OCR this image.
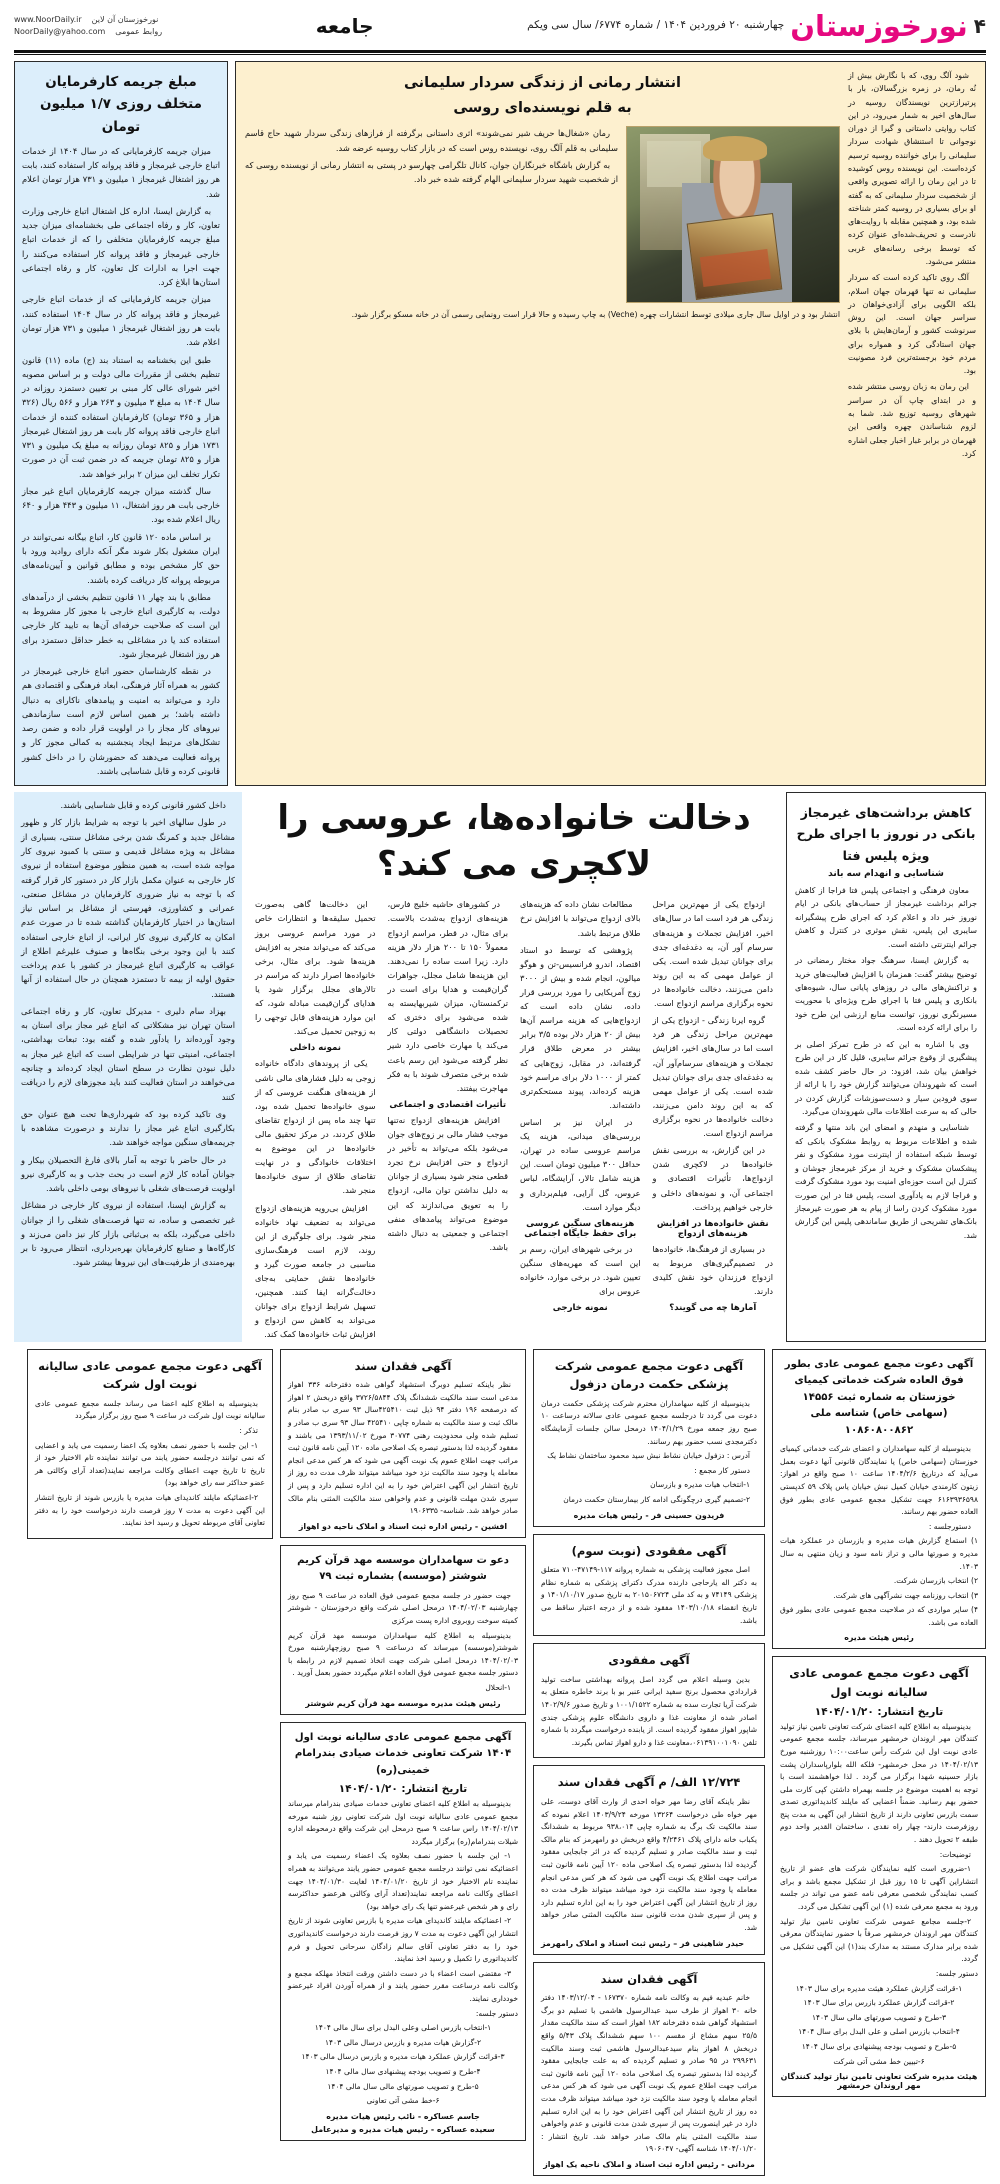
۴
نورخوزستان
چهارشنبه ۲۰ فروردین ۱۴۰۴ / شماره ۶۷۷۴/ سال سی ویکم
جامعه
www.NoorDaily.ir نورخوزستان آن لاین
NoorDaily@yahoo.com روابط عمومی

شود آلگ روی، که با نگارش بیش از نُه رمان، در زمره بزرگسالان، بار با پرتیرازترین نویسندگان روسیه در سال‌های اخیر به شمار می‌رود، در این کتاب روایتی داستانی و گیرا از دوران نوجوانی تا استنشاق شهادت سردار سلیمانی را برای خواننده روسیه ترسیم کرده‌است. این نویسنده روس کوشیده تا در این رمان را ارائه تصویری واقعی از شخصیت سردار سلیمانی که به گفته او برای بسیاری در روسیه کمتر شناخته شده بود، و همچنین مقابله با روایت‌های نادرست و تحریف‌شده‌ای عنوان کرده که توسط برخی رسانه‌های غربی منتشر می‌شود.

آلگ روی تاکید کرده است که سردار سلیمانی نه تنها قهرمان جهان اسلام، بلکه الگویی برای آزادی‌خواهان در سراسر جهان است. این روش سرنوشت کشور و آرمان‌هایش با بلای جهان استادگی کرد و همواره برای مردم خود برجسته‌ترین فرد مصونیت بود.

این رمان به زبان روسی منتشر شده و در ابتدای چاپ آن در سراسر شهرهای روسیه توزیع شد. شما به لزوم شناساندن چهره واقعی این قهرمان در برابر غبار اخبار جعلی اشاره کرد.

انتشار رمانی از زندگی سردار سلیمانی
به قلم نویسنده‌ای روسی

رمان «شغال‌ها حریف شیر نمی‌شوند» اثری داستانی برگرفته از فرازهای زندگی سردار شهید حاج قاسم سلیمانی به قلم آلگ روی، نویسنده روس است که در بازار کتاب روسیه عرضه شد.

به گزارش باشگاه خبرنگاران جوان، کانال تلگرامی چهارسو در پستی به انتشار رمانی از نویسنده روسی که از شخصیت شهید سردار سلیمانی الهام گرفته شده خبر داد.

انتشار بود و در اوایل سال جاری میلادی توسط انتشارات چهره (Veche) به چاپ رسیده و حالا قرار است رونمایی رسمی آن در خانه مسکو برگزار شود.
مبلغ جریمه کارفرمایان متخلف روزی ۱/۷ میلیون تومان

میزان جریمه کارفرمایانی که در سال ۱۴۰۴ از خدمات اتباع خارجی غیرمجاز و فاقد پروانه کار استفاده کنند، بابت هر روز اشتغال غیرمجاز ۱ میلیون و ۷۳۱ هزار تومان اعلام شد.

به گزارش ایسنا، اداره کل اشتغال اتباع خارجی وزارت تعاون، کار و رفاه اجتماعی طی بخشنامه‌ای میزان جدید مبلغ جریمه کارفرمایان متخلفی را که از خدمات اتباع خارجی غیرمجاز و فاقد پروانه کار استفاده می‌کنند را جهت اجرا به ادارات کل تعاون، کار و رفاه اجتماعی استان‌ها ابلاغ کرد.

میزان جریمه کارفرمایانی که از خدمات اتباع خارجی غیرمجاز و فاقد پروانه کار در سال ۱۴۰۴ استفاده کنند، بابت هر روز اشتغال غیرمجاز ۱ میلیون و ۷۳۱ هزار تومان اعلام شد.

طبق این بخشنامه به استناد بند (ج) ماده (۱۱) قانون تنظیم بخشی از مقررات مالی دولت و بر اساس مصوبه اخیر شورای عالی کار مبنی بر تعیین دستمزد روزانه در سال ۱۴۰۴ به مبلغ ۳ میلیون و ۲۶۳ هزار و ۵۶۶ ریال (۳۲۶ هزار و ۳۶۵ تومان) کارفرمایان استفاده کننده از خدمات اتباع خارجی فاقد پروانه کار بابت هر روز اشتغال غیرمجاز ۱۷۳۱ هزار و ۸۲۵ تومان روزانه به مبلغ یک میلیون و ۷۳۱ هزار و ۸۲۵ تومان جریمه که در ضمن ثبت آن در صورت تکرار تخلف این میزان ۲ برابر خواهد شد.

سال گذشته میزان جریمه کارفرمایان اتباع غیر مجاز خارجی بابت هر روز اشتغال، ۱۱ میلیون و ۴۴۳ هزار و ۶۴۰ ریال اعلام شده بود.

بر اساس ماده ۱۲۰ قانون کار، اتباع بیگانه نمی‌توانند در ایران مشغول بکار شوند مگر آنکه دارای روادید ورود با حق کار مشخص بوده و مطابق قوانین و آیین‌نامه‌های مربوطه پروانه کار دریافت کرده باشند.

مطابق با بند چهار ۱۱ قانون تنظیم بخشی از درآمدهای دولت، به کارگیری اتباع خارجی با مجوز کار مشروط به این است که صلاحیت حرفه‌ای آن‌ها به تایید کار خارجی استفاده کند یا در مشاغلی به خطر حداقل دستمزد برای هر روز اشتغال غیرمجاز شود.

در نقطه کارشناسان حضور اتباع خارجی غیرمجاز در کشور به همراه آثار فرهنگی، ابعاد فرهنگی و اقتصادی هم دارد و می‌تواند به امنیت و پیامدهای ناکارای به دنبال داشته باشد؛ بر همین اساس لازم است سازماندهی نیروهای کار مجاز را در اولویت قرار داده و ضمن رصد تشکل‌های مرتبط ایجاد پنجشنبه به کمالی مجوز کار و پروانه فعالیت می‌دهند که حضورشان را در داخل کشور قانونی کرده و قابل شناسایی باشند.

کاهش برداشت‌های غیرمجاز بانکی در نوروز با اجرای طرح ویژه پلیس فتا
شناسایی و انهدام سه باند

معاون فرهنگی و اجتماعی پلیس فتا فراجا از کاهش جرائم برداشت غیرمجاز از حساب‌های بانکی در ایام نوروز خبر داد و اعلام کرد که اجرای طرح پیشگیرانه سایبری این پلیس، نقش موثری در کنترل و کاهش جرائم اینترنتی داشته است.

به گزارش ایسنا، سرهنگ جواد مختار رمضانی در توضیح بیشتر گفت: همزمان با افزایش فعالیت‌های خرید و تراکنش‌های مالی در روزهای پایانی سال، شیوه‌های بانکاری و پلیس فتا با اجرای طرح ویژه‌ای با محوریت مسیرنگری نوروز، توانست منابع ارزشی این طرح خود را برای ارائه کرده است.

وی با اشاره به این که در طرح تمرکز اصلی بر پیشگیری از وقوع جرائم سایبری، قلیل کار در این طرح خواهش بیان شد، افزود: در حال حاضر کشف شده است که شهروندان می‌توانند گزارش خود را با ارائه از سوی فرودین سیار و دست‌سوزشات گزارش کردن در حالی که به سرعت اطلاعات مالی شهروندان می‌گیرد.

شناسایی و منهدم و امضای این باند منتها و گرفته شده و اطلاعات مربوط به روابط مشکوک بانکی که توسط شبکه استفاده از اینترنت مورد مشکوک و نفر پیشکسان مشکوک و خرید از مرکز غیرمجاز جوشان و کنترل این است حوزه‌ای امنیت بود مورد مشکوک گرفت و فراجا لازم به یادآوری است، پلیس فتا در این صورت مورد مشکوک کردن راسا از پیام به هر صورت غیرمجاز بانک‌های تشریحی از طریق ساماندهی پلیس این گزارش شد.

دخالت خانواده‌ها، عروسی را لاکچری می کند؟

ازدواج یکی از مهم‌ترین مراحل زندگی هر فرد است اما در سال‌های اخیر، افزایش تجملات و هزینه‌های سرسام آور آن، به دغدغه‌ای جدی برای جوانان تبدیل شده است. یکی از عوامل مهمی که به این روند دامن می‌زنند، دخالت خانواده‌ها در نحوه برگزاری مراسم ازدواج است.

گروه ایرنا زندگی - ازدواج یکی از مهم‌ترین مراحل زندگی هر فرد است اما در سال‌های اخیر، افزایش تجملات و هزینه‌های سرسام‌آور آن، به دغدغه‌ای جدی برای جوانان تبدیل شده است. یکی از عوامل مهمی که به این روند دامن می‌زنند، دخالت خانواده‌ها در نحوه برگزاری مراسم ازدواج است.

در این گزارش، به بررسی نقش خانواده‌ها در لاکچری شدن ازدواج‌ها، تأثیرات اقتصادی و اجتماعی آن، و نمونه‌های داخلی و خارجی خواهیم پرداخت.

نقش خانواده‌ها در افزایش هزینه‌های ازدواج

در بسیاری از فرهنگ‌ها، خانواده‌ها در تصمیم‌گیری‌های مربوط به ازدواج فرزندان خود نقش کلیدی دارند.

آمارها چه می گویند؟

مطالعات نشان داده که هزینه‌های بالای ازدواج می‌تواند با افزایش نرخ طلاق مرتبط باشد.

پژوهشی که توسط دو استاد اقتصاد، اندرو فرانسیس-تن و هوگو میالون، انجام شده و بیش از ۳۰۰۰ زوج آمریکایی را مورد بررسی قرار داده، نشان داده است که ازدواج‌هایی که هزینه مراسم آن‌ها بیش از ۲۰ هزار دلار بوده ۳/۵ برابر بیشتر در معرض طلاق قرار گرفته‌اند، در مقابل، زوج‌هایی که کمتر از ۱۰۰۰ دلار برای مراسم خود هزینه کرده‌اند، پیوند مستحکم‌تری داشته‌اند.

در ایران نیز بر اساس بررسی‌های میدانی، هزینه یک مراسم عروسی ساده در تهران، حداقل ۳۰۰ میلیون تومان است. این هزینه شامل تالار، آرایشگاه، لباس عروس، گل آرایی، فیلم‌برداری و دیگر موارد است.

هزینه‌های سنگین عروسی برای حفظ جایگاه اجتماعی

در برخی شهرهای ایران، رسم بر این است که مهریه‌های سنگین تعیین شود. در برخی موارد، خانواده عروس برای

نمونه خارجی

در کشورهای حاشیه خلیج فارس، هزینه‌های ازدواج به‌شدت بالاست. برای مثال، در قطر، مراسم ازدواج معمولاً ۱۵۰ تا ۲۰۰ هزار دلار هزینه دارد. زیرا است ساده را نمی‌دهند. این هزینه‌ها شامل مجلل، جواهرات گران‌قیمت و هدایا برای است در ترکمنستان، میزان شیربهایسته به شده می‌شود برای دختری که تحصیلات دانشگاهی دولتی کار می‌کند یا مهارت خاصی دارد شیر نظر گرفته می‌شود این رسم باعث شده برخی متصرف شوند با به فکر مهاجرت بیفتند.

تأثیرات اقتصادی و اجتماعی

افزایش هزینه‌های ازدواج نه‌تنها موجب فشار مالی بر زوج‌های جوان می‌شود بلکه می‌تواند به تأخیر در ازدواج و حتی افزایش نرخ تجرد قطعی منجر شود بسیاری از جوانان به دلیل نداشتن توان مالی، ازدواج را به تعویق می‌اندازند که این موضوع می‌تواند پیامدهای منفی اجتماعی و جمعیتی به دنبال داشته باشد.

این دخالت‌ها گاهی به‌صورت تحمیل سلیقه‌ها و انتظارات خاص در مورد مراسم عروسی بروز می‌کند که می‌تواند منجر به افزایش هزینه‌ها شود. برای مثال، برخی خانواده‌ها اصرار دارند که مراسم در تالارهای مجلل برگزار شود یا هدایای گران‌قیمت مبادله شود، که این موارد هزینه‌های قابل توجهی را به زوجین تحمیل می‌کند.

نمونه داخلی

یکی از پروندهای دادگاه خانواده زوجی به دلیل فشارهای مالی ناشی از هزینه‌های هنگفت عروسی که از سوی خانواده‌ها تحمیل شده بود، تنها چند ماه پس از ازدواج تقاضای طلاق کردند، در مرکز تحقیق مالی خانواده‌ها در این موضوع به اختلافات خانوادگی و در نهایت تقاضای طلاق از سوی خانواده‌ها منجر شد.

افزایش بی‌رویه هزینه‌های ازدواج می‌تواند به تضعیف نهاد خانواده منجر شود. برای جلوگیری از این روند، لازم است فرهنگ‌سازی مناسبی در جامعه صورت گیرد و خانواده‌ها نقش حمایتی به‌جای دخالت‌گرانه ایفا کنند. همچنین، تسهیل شرایط ازدواج برای جوانان می‌تواند به کاهش سن ازدواج و افزایش ثبات خانواده‌ها کمک کند.

داخل کشور قانونی کرده و قابل شناسایی باشند.

در طول سالهای اخیر با توجه به شرایط بازار کار و ظهور مشاغل جدید و کمرنگ شدن برخی مشاغل سنتی، بسیاری از مشاغل به ویژه مشاغل قدیمی و سنتی با کمبود نیروی کار مواجه شده است، به همین منظور موضوع استفاده از نیروی کار خارجی به عنوان مکمل بازار کار در دستور کار قرار گرفته که با توجه به نیاز ضروری کارفرمایان در مشاغل صنعتی، عمرانی و کشاورزی، فهرستی از مشاغل بر اساس نیاز استان‌ها در اختیار کارفرمایان گذاشته شده تا در صورت عدم امکان به کارگیری نیروی کار ایرانی، از اتباع خارجی استفاده کنند با این وجود برخی بنگاه‌ها و صنوف علیرغم اطلاع از عواقب به کارگیری اتباع غیرمجاز در کشور با عدم پرداخت حقوق اولیه از بیمه تا دستمزد همچنان در حال استفاده از آنها هستند.

بهزاد سام دلیری - مدیرکل تعاون، کار و رفاه اجتماعی استان تهران نیز مشکلاتی که اتباع غیر مجاز برای استان به وجود آورده‌اند را یادآور شده و گفته بود: تبعات بهداشتی، اجتماعی، امنیتی تنها در شرایطی است که اتباع غیر مجاز به دلیل نبودن نظارت در سطح استان ایجاد کرده‌اند و چنانچه می‌خواهند در استان فعالیت کنند باید مجوزهای لازم را دریافت کنند

وی تاکید کرده بود که شهرداری‌ها تحت هیچ عنوان حق بکارگیری اتباع غیر مجاز را ندارند و درصورت مشاهده با جریمه‌های سنگین مواجه خواهند شد.

در حال حاضر با توجه به آمار بالای فارغ التحصیلان بیکار و جوانان آماده کار لازم است در بحث جذب و به کارگیری نیرو اولویت فرصت‌های شغلی با نیروهای بومی داخلی باشد.

به گزارش ایسنا، استفاده از نیروی کار خارجی در مشاغل غیر تخصصی و ساده، نه تنها فرصت‌های شغلی را از جوانان داخلی می‌گیرد، بلکه به بی‌ثباتی بازار کار نیز دامن می‌زند و کارگاه‌ها و صنایع کارفرمایان بهره‌برداری، انتظار می‌رود تا بر بهره‌مندی از ظرفیت‌های این نیروها بیشتر شود.

آگهی دعوت مجمع عمومی عادی بطور فوق العاده شرکت خدماتی کیمیای خوزستان به شماره ثبت ۱۴۵۵۶ (سهامی خاص) شناسه ملی ۱۰۸۶۰۸۰۰۸۶۲

بدینوسیله از کلیه سهامداران و اعضای شرکت خدماتی کیمیای خوزستان (سهامی خاص) یا نمایندگان قانونی آنها دعوت بعمل می‌آید که درتاریخ ۱۴۰۴/۲/۶ ساعت ۱۰ صبح واقع در اهواز: زیتون کارمندی خیابان کمیل نبش خیابان یاس پلاک ۵۹ کدپستی ۶۱۶۳۹۳۶۵۹۸ جهت تشکیل مجمع عمومی عادی بطور فوق العاده حضور بهم رسانند.

دستورجلسه :

۱) استماع گزارش هیات مدیره و بازرسان در عملکرد هیات مدیره و صورتها مالی و تراز نامه سود و زیان منتهی به سال ۱۴۰۳.

۲) انتخاب بازرسان شرکت.

۳) انتخاب روزنامه جهت نشرآگهی های شرکت.

۴) سایر مواردی که در صلاحیت مجمع عمومی عادی بطور فوق العاده می باشد.

رئیس هیئت مدیره
آگهی دعوت مجمع عمومی عادی سالیانه نوبت اول
تاریخ انتشار: ۱۴۰۴/۰۱/۲۰

بدینوسیله به اطلاع کلیه اعضای شرکت تعاونی تامین نیاز تولید کنندگان مهر اروندان خرمشهر میرساند، جلسه مجمع عمومی عادی نوبت اول این شرکت رأس ساعت۱۰:۰۰ روزشنبه مورخ ۱۴۰۴/۰۲/۱۳ در محل خرمشهر- فلکه الله بلوارپاسداران پشت بازار حسینیه شهدا برگزار می گردد . لذا خواهشمند است با توجه به اهمیت موضوع در جلسه بهمراه داشتن کپی کارت ملی حضور بهم رسانید. ضمناً اعضایی که مایلند کاندیداتوری تصدی سمت بازرس تعاونی دارند از تاریخ انتشار این آگهی به مدت پنج روزفرصت دارند- چهار راه نقدی ، ساختمان القدیر واحد دوم طبقه ۲ تحویل دهند .

توضیحات:

۱-ضروری است کلیه نمایندگان شرکت های عضو از تاریخ انتشاراین آگهی تا ۱۵ روز قبل از تشکیل مجمع باشد و برای کسب نمایندگی شخصی معرفی نامه عضو می تواند در جلسه ورود به مجمع معرفی شده (۱) این آگهی تشکیل می گردد.

۲-جلسه مجامع عمومی شرکت تعاونی تامین نیاز تولید کنندگان مهر اروندان خرمشهر صرفاً با حضور نمایندگان معرفی شده برابر مدارک مستند به مدارک بند(۱) این آگهی تشکیل می گردد.

دستور جلسه:

۱-قرائت گزارش عملکرد هیئت مدیره برای سال ۱۴۰۳

۲-قرائت گزارش عملکرد بازرس برای سال ۱۴۰۳

۳-طرح و تصویب صورتهای مالی سال ۱۴۰۳

۴-انتخاب بازرس اصلی و علی البدل برای سال ۱۴۰۴

۵-طرح و تصویب بودجه پیشنهادی برای سال ۱۴۰۴

۶-تبیین خط مشی آتی شرکت

هیئت مدیره شرکت تعاونی تامین نیاز تولید کنندگان مهر اروندان خرمشهر
آگهی دعوت مجمع عمومی شرکت پزشکی حکمت درمان دزفول

بدینوسیله از کلیه سهامداران محترم شرکت پزشکی حکمت درمان دعوت می گردد تا درجلسه مجمع عمومی عادی سالانه درساعت ۱۰ صبح روز جمعه مورخ ۱۴۰۴/۱/۲۹ درمحل سالن جلسات آزمایشگاه دکترمجدی نسب حضور بهم رسانند.

آدرس : دزفول خیابان نشاط نبش سید محمود ساختمان نشاط یک

دستور کار مجمع :

۱-انتخاب هیات مدیره و بازرسان

۲-تصمیم گیری درچگونگی ادامه کار بیمارستان حکمت درمان

فریدون حسینی فر - رئیس هیات مدیره
آگهی مفقودی (نوبت سوم)

اصل مجوز فعالیت پزشکی به شماره پروانه ۱۱۷-۴۷۱۴۹-۷۱۰ متعلق به دکتر اله یارحاجی دارنده مدرک دکترای پزشکی به شماره نظام پزشکی ۷۴۱۴۹ و به کد ملی ۲۰۱۵۰۶۷۲۴ به تاریخ صدور ۱۴۰۱/۱۰/۱۷ و تاریخ انقضاء ۱۴۰۳/۱۰/۱۸ مفقود شده و از درجه اعتبار ساقط می باشد.

آگهی مفقودی

بدین وسیله اعلام می گردد اصل پروانه بهداشتی ساخت تولید قراردادي محصول برنج سفید ایرانی عنبر بو با برند خاطره متعلق به شرکت آریا تجارت سده به شماره ۱۰۰۱/۱۵۲۲ و تاریخ صدور ۱۴۰۲/۹/۶ اصادر شده از معاونت غذا و داروی دانشگاه علوم پزشکی جندی شاپور اهواز مفقود گردیده است. از یابنده درخواست میگردد با شماره تلفن ۰۶۱۳۹۱۰۰۱۰۹۰،معاونت غذا و دارو اهواز تماس بگیرند.

۱۲/۷۲۴ الف/ م آگهی فقدان سند

نظر باینکه آقای رضا مهر خواه احدی از وارث آقای دوست، علی مهر خواه طی درخواست ۱۳۲۶۴ مورخه ۱۴۰۳/۹/۲۴ اعلام نموده که سند مالکیت تک برگ به شماره چاپی ۹۳۸،۰۱۴ مربوط به ششدانگ یکباب خانه دارای پلاک ۴/۲۴۶۱ واقع دربخش دو رامهرمز که بنام مالک ثبت و سند مالکیت صادر و تسلیم گردیده که در اثر جابجایی مفقود گردیده لذا بدستور تبصره یک اصلاحی ماده ۱۲۰ آیین نامه قانون ثبت مراتب جهت اطلاع یک نوبت آگهی می شود که هر کس مدعی انجام معامله یا وجود سند مالکیت نزد خود میباشد میتواند ظرف مدت ده روز از تاریخ انتشار این آگهی اعتراض خود را به این اداره تسلیم دارد و پس از سپری شدن مدت قانونی سند مالکیت المثنی صادر خواهد شد.

حیدر شاهینی فر – رئیس ثبت اسناد و املاک رامهرمز
آگهی فقدان سند

خانم عبدیه فیم به وکالت نامه شماره ۱۶۷۳۷۰ - ۱۴۰۳/۱۲/۰۴ دفتر خانه ۳۰ اهواز از طرف سید عبدالرسول هاشمی با تسلیم دو برگ استشهاد گواهی شده دفترخانه ۱۸۲ اهواز است که سند مالکیت مقدار ۲۵/۵ سهم مشاع از مقسم ۱۰۰ سهم ششدانگ پلاک ۵/۴۳ واقع دربخش ۸ اهواز بنام سیدعبدالرسول هاشمی ثبت وسند مالکیت ۲۹۹۶۳۱ در ۹۵ صادر و تسلیم گردیده که به علت جابجایی مفقود گردیده لذا بدستور تبصره یک اصلاحی ماده ۱۲۰ آیین نامه قانون ثبت مراتب جهت اطلاع عموم یک نوبت آگهی می شود که هر کس مدعی انجام معامله یا وجود سند مالکیت نزد خود میباشد میتواند ظرف مدت ده روز از تاریخ انتشار این آگهی اعتراض خود را به این اداره تسلیم دارد در غیر اینصورت پس از سپری شدن مدت قانونی و عدم واخواهی سند مالکیت المثنی بنام مالک صادر خواهد شد. تاریخ انتشار : ۱۴۰۴/۰۱/۲۰ شناسه آگهی- ۱۹۰۶۰۴۷

مردانی - رئیس اداره ثبت اسناد و املاک ناحیه یک اهواز
آگهی فقدان سند

نظر باینکه تسلیم دوبرگ استشهاد گواهی شده دفترخانه ۳۳۶ اهواز مدعی است سند مالکیت ششدانگ پلاک ۳۷۲۶/۵۸۴۴ واقع دربخش ۲ اهواز که درصفحه ۱۹۶ دفتر ۹۴ ذیل ثبت ۴۲۵۴۱۰سال ۹۳ سری ب صادر بنام مالک ثبت و سند مالکیت به شماره چاپی ۴۲۵۴۱۰ سال ۹۳ سری ب صادر و تسلیم شده ولی محدودیت رهنی ۳۰۷۷۴ مورخ ۱۳۹۳/۱۱/۰۲ می باشند و مفقود گردیده لذا بدستور تبصره یک اصلاحی ماده ۱۲۰ آیین نامه قانون ثبت مراتب جهت اطلاع عموم یک نوبت آگهی می شود که هر کس مدعی انجام معامله یا وجود سند مالکیت نزد خود میباشد میتواند ظرف مدت ده روز از تاریخ انتشار این آگهی اعتراض خود را به این اداره تسلیم دارد و پس از سپری شدن مهلت قانونی و عدم واخواهی سند مالکیت المثنی بنام مالک صادر خواهد شد. شناسه- ۱۹۰۶۳۳۵

افشین - رئیس اداره ثبت اسناد و املاک ناحیه دو اهواز
دعو ت سهامداران موسسه مهد قرآن کریم شوشتر (موسسه) بشماره ثبت ۷۹

جهت حضور در جلسه مجمع عمومی فوق العاده در ساعت ۹ صبح روز چهارشنبه ۱۴۰۴/۰۲/۰۳ درمحل اصلی شرکت واقع درخوزستان - شوشتر کمیته سوخت روبروی اداره پست مرکزی

بدینوسیله به اطلاع کلیه سهامداران موسسه مهد قرآن کریم شوشتر(موسسه) میرساند که درساعت ۹ صبح روزچهارشنبه مورخ ۱۴۰۴/۰۲/۰۳ درمحل اصلی شرکت جهت اتخاذ تصمیم لازم در رابطه با دستور جلسه مجمع عمومی فوق العاده اعلام میگیردد حضور بعمل آورید .

۱-انحلال

رئیس هیئت مدیره موسسه مهد قرآن کریم شوشتر
آگهی مجمع عمومی عادی سالیانه نوبت اول ۱۴۰۴ شرکت تعاونی خدمات صیادی بندرامام خمینی(ره)
تاریخ انتشار: ۱۴۰۴/۰۱/۲۰

بدینوسیله به اطلاع کلیه اعضای تعاونی خدمات صیادی بندرامام میرساند مجمع عمومی عادی سالیانه نوبت اول شرکت تعاونی روز شنبه مورخه ۱۴۰۴/۰۲/۱۳ راس ساعت ۹ صبح درمحل این شرکت واقع درمحوطه اداره شیلات بندرامام(ره) برگزار میگردد

۱- این جلسه با حضور نصف بعلاوه یک اعضاء رسمیت می یابد و اعضائیکه نمی توانند درجلسه مجمع عمومی حضور یابند می‌توانند به همراه نماینده تام الاختیار خود از تاریخ ۱۴۰۴/۰۱/۲۰ لغایت ۱۴۰۴/۰۱/۳۰ جهت اعطای وکالت نامه مراجعه نمایند(تعداد آرای وکالتی هرعضو حداکثرسه رای و هر شخص غیرعضو تنها یک رای خواهد بود)

۲- اعضائیکه مایلند کاندیدای هیات مدیره یا بازرس تعاونی شوند از تاریخ انتشار این آگهی دعوت به مدت ۷ روز فرصت دارند درخواست کاندیداتوری خود را به دفتر تعاونی آقای سالم زادگان سرحانی تحویل و فرم کاندیداتوری را تکمیل و رسید اخذ نمایند.

۳- مقتضی است اعضاء با در دست داشتن ورقت انتخاذ مهلکه مجمع و وکالت نامه درساعت مقرر حضور یابند و از همراه آوردن افراد غیرعضو خودداری نمایند.

دستور جلسه:

۱-انتخاب بازرس اصلی وعلی البدل برای سال مالی ۱۴۰۴

۲-گزارش هیات مدیره و بازرس درسال مالی ۱۴۰۳

۳-قرائت گزارش عملکرد هیات مدیره و بازرس درسال مالی ۱۴۰۳

۴-طرح و تصویب بودجه پیشنهادی سال مالی ۱۴۰۴

۵-طرح و تصویب صورتهای مالی سال مالی ۱۴۰۴

۶-خط مشی آتی تعاونی

جاسم عساکره - نائب رئیس هیات مدیره
سعیده عساکره - رئیس هیات مدیره و مدیرعامل
آگهی دعوت مجمع عمومی عادی سالیانه نوبت اول شرکت

بدینوسیله به اطلاع کلیه اعضا می رساند جلسه مجمع عمومی عادی سالیانه نوبت اول شرکت در ساعت ۹ صبح روز برگزار میگردد

تذکر :

۱- این جلسه با حضور نصف بعلاوه یک اعضا رسمیت می یابد و اعضایی که نمی توانند درجلسه حضور یابند می توانند نماینده تام الاختیار خود از تاریخ تا تاریخ جهت اعطای وکالت مراجعه نمایند(تعداد آرای وکالتی هر عضو حداکثر سه رای خواهد بود)

۲-اعضائیکه مایلند کاندیدای هیات مدیره یا بازرس شوند از تاریخ انتشار این آگهی دعوت به مدت ۷ روز فرصت دارند درخواست خود را به دفتر تعاونی آقای مربوطه تحویل و رسید اخذ نمایند.
